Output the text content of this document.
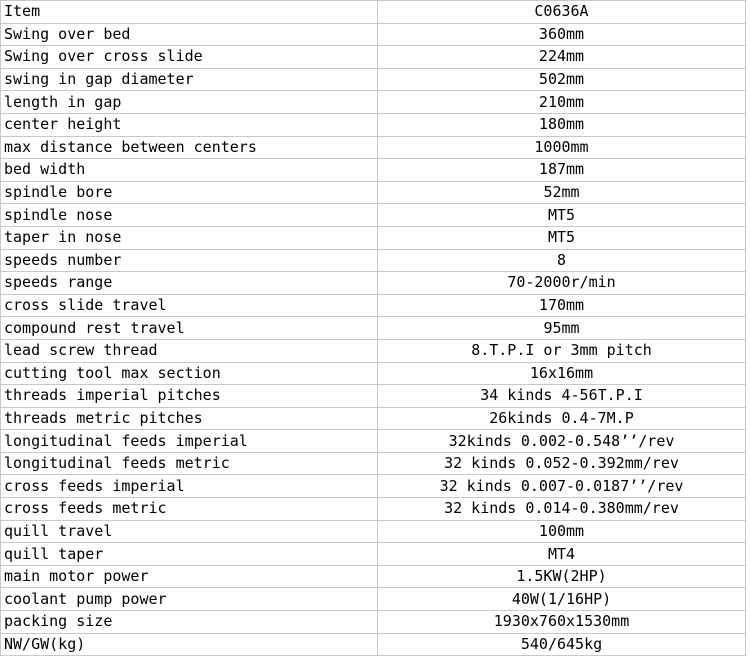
Item	C0636A
Swing over bed	360mm
Swing over cross slide	224mm
swing in gap diameter	502mm
length in gap	210mm
center height	180mm
max distance between centers	1000mm
bed width	187mm
spindle bore	52mm
spindle nose	MT5
taper in nose	MT5
speeds number	8
speeds range	70-2000r/min
cross slide travel	170mm
compound rest travel	95mm
lead screw thread	8.T.P.I or 3mm pitch
cutting tool max section	16x16mm
threads imperial pitches	34 kinds 4-56T.P.I
threads metric pitches	26kinds 0.4-7M.P
longitudinal feeds imperial	32kinds 0.002-0.548’’/rev
longitudinal feeds metric	32 kinds 0.052-0.392mm/rev
cross feeds imperial	32 kinds 0.007-0.0187’’/rev
cross feeds metric	32 kinds 0.014-0.380mm/rev
quill travel	100mm
quill taper	MT4
main motor power	1.5KW(2HP)
coolant pump power	40W(1/16HP)
packing size	1930x760x1530mm
NW/GW(kg)	540/645kg
